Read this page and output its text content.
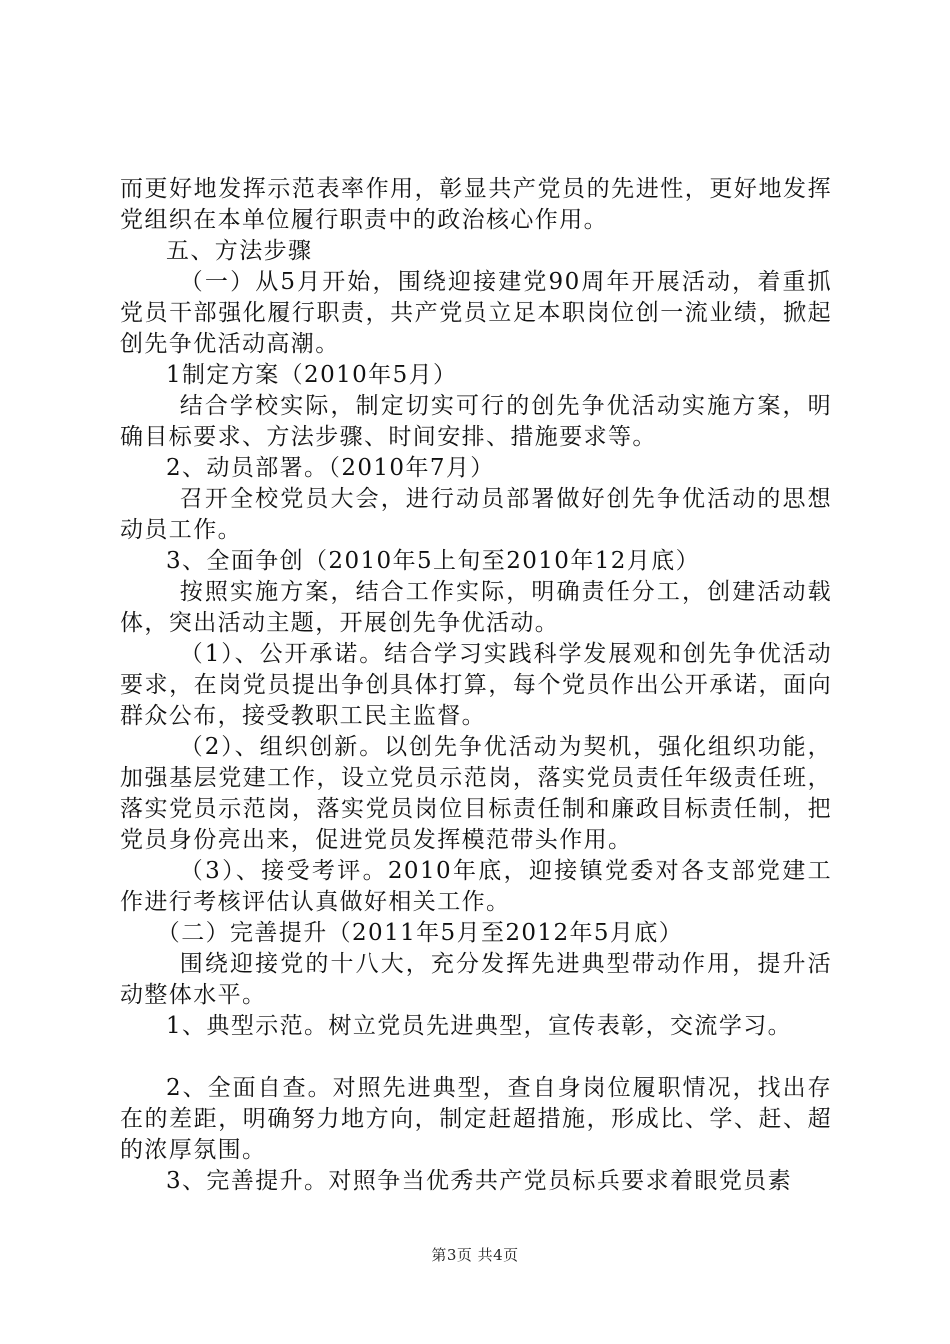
而更好地发挥示范表率作用，彰显共产党员的先进性，更好地发挥党组织在本单位履行职责中的政治核心作用。

五、方法步骤

（一）从5月开始，围绕迎接建党90周年开展活动，着重抓党员干部强化履行职责，共产党员立足本职岗位创一流业绩，掀起创先争优活动高潮。

1制定方案（2010年5月）

结合学校实际，制定切实可行的创先争优活动实施方案，明确目标要求、方法步骤、时间安排、措施要求等。

2、动员部署。（2010年7月）

召开全校党员大会，进行动员部署做好创先争优活动的思想动员工作。

3、全面争创（2010年5上旬至2010年12月底）

按照实施方案，结合工作实际，明确责任分工，创建活动载体，突出活动主题，开展创先争优活动。

（1）、公开承诺。结合学习实践科学发展观和创先争优活动要求，在岗党员提出争创具体打算，每个党员作出公开承诺，面向群众公布，接受教职工民主监督。

（2）、组织创新。以创先争优活动为契机，强化组织功能，加强基层党建工作，设立党员示范岗，落实党员责任年级责任班，落实党员示范岗，落实党员岗位目标责任制和廉政目标责任制，把党员身份亮出来，促进党员发挥模范带头作用。

（3）、接受考评。2010年底，迎接镇党委对各支部党建工作进行考核评估认真做好相关工作。

（二）完善提升（2011年5月至2012年5月底）

围绕迎接党的十八大，充分发挥先进典型带动作用，提升活动整体水平。

1、典型示范。树立党员先进典型，宣传表彰，交流学习。

2、全面自查。对照先进典型，查自身岗位履职情况，找出存在的差距，明确努力地方向，制定赶超措施，形成比、学、赶、超的浓厚氛围。

3、完善提升。对照争当优秀共产党员标兵要求着眼党员素

第3页 共4页
